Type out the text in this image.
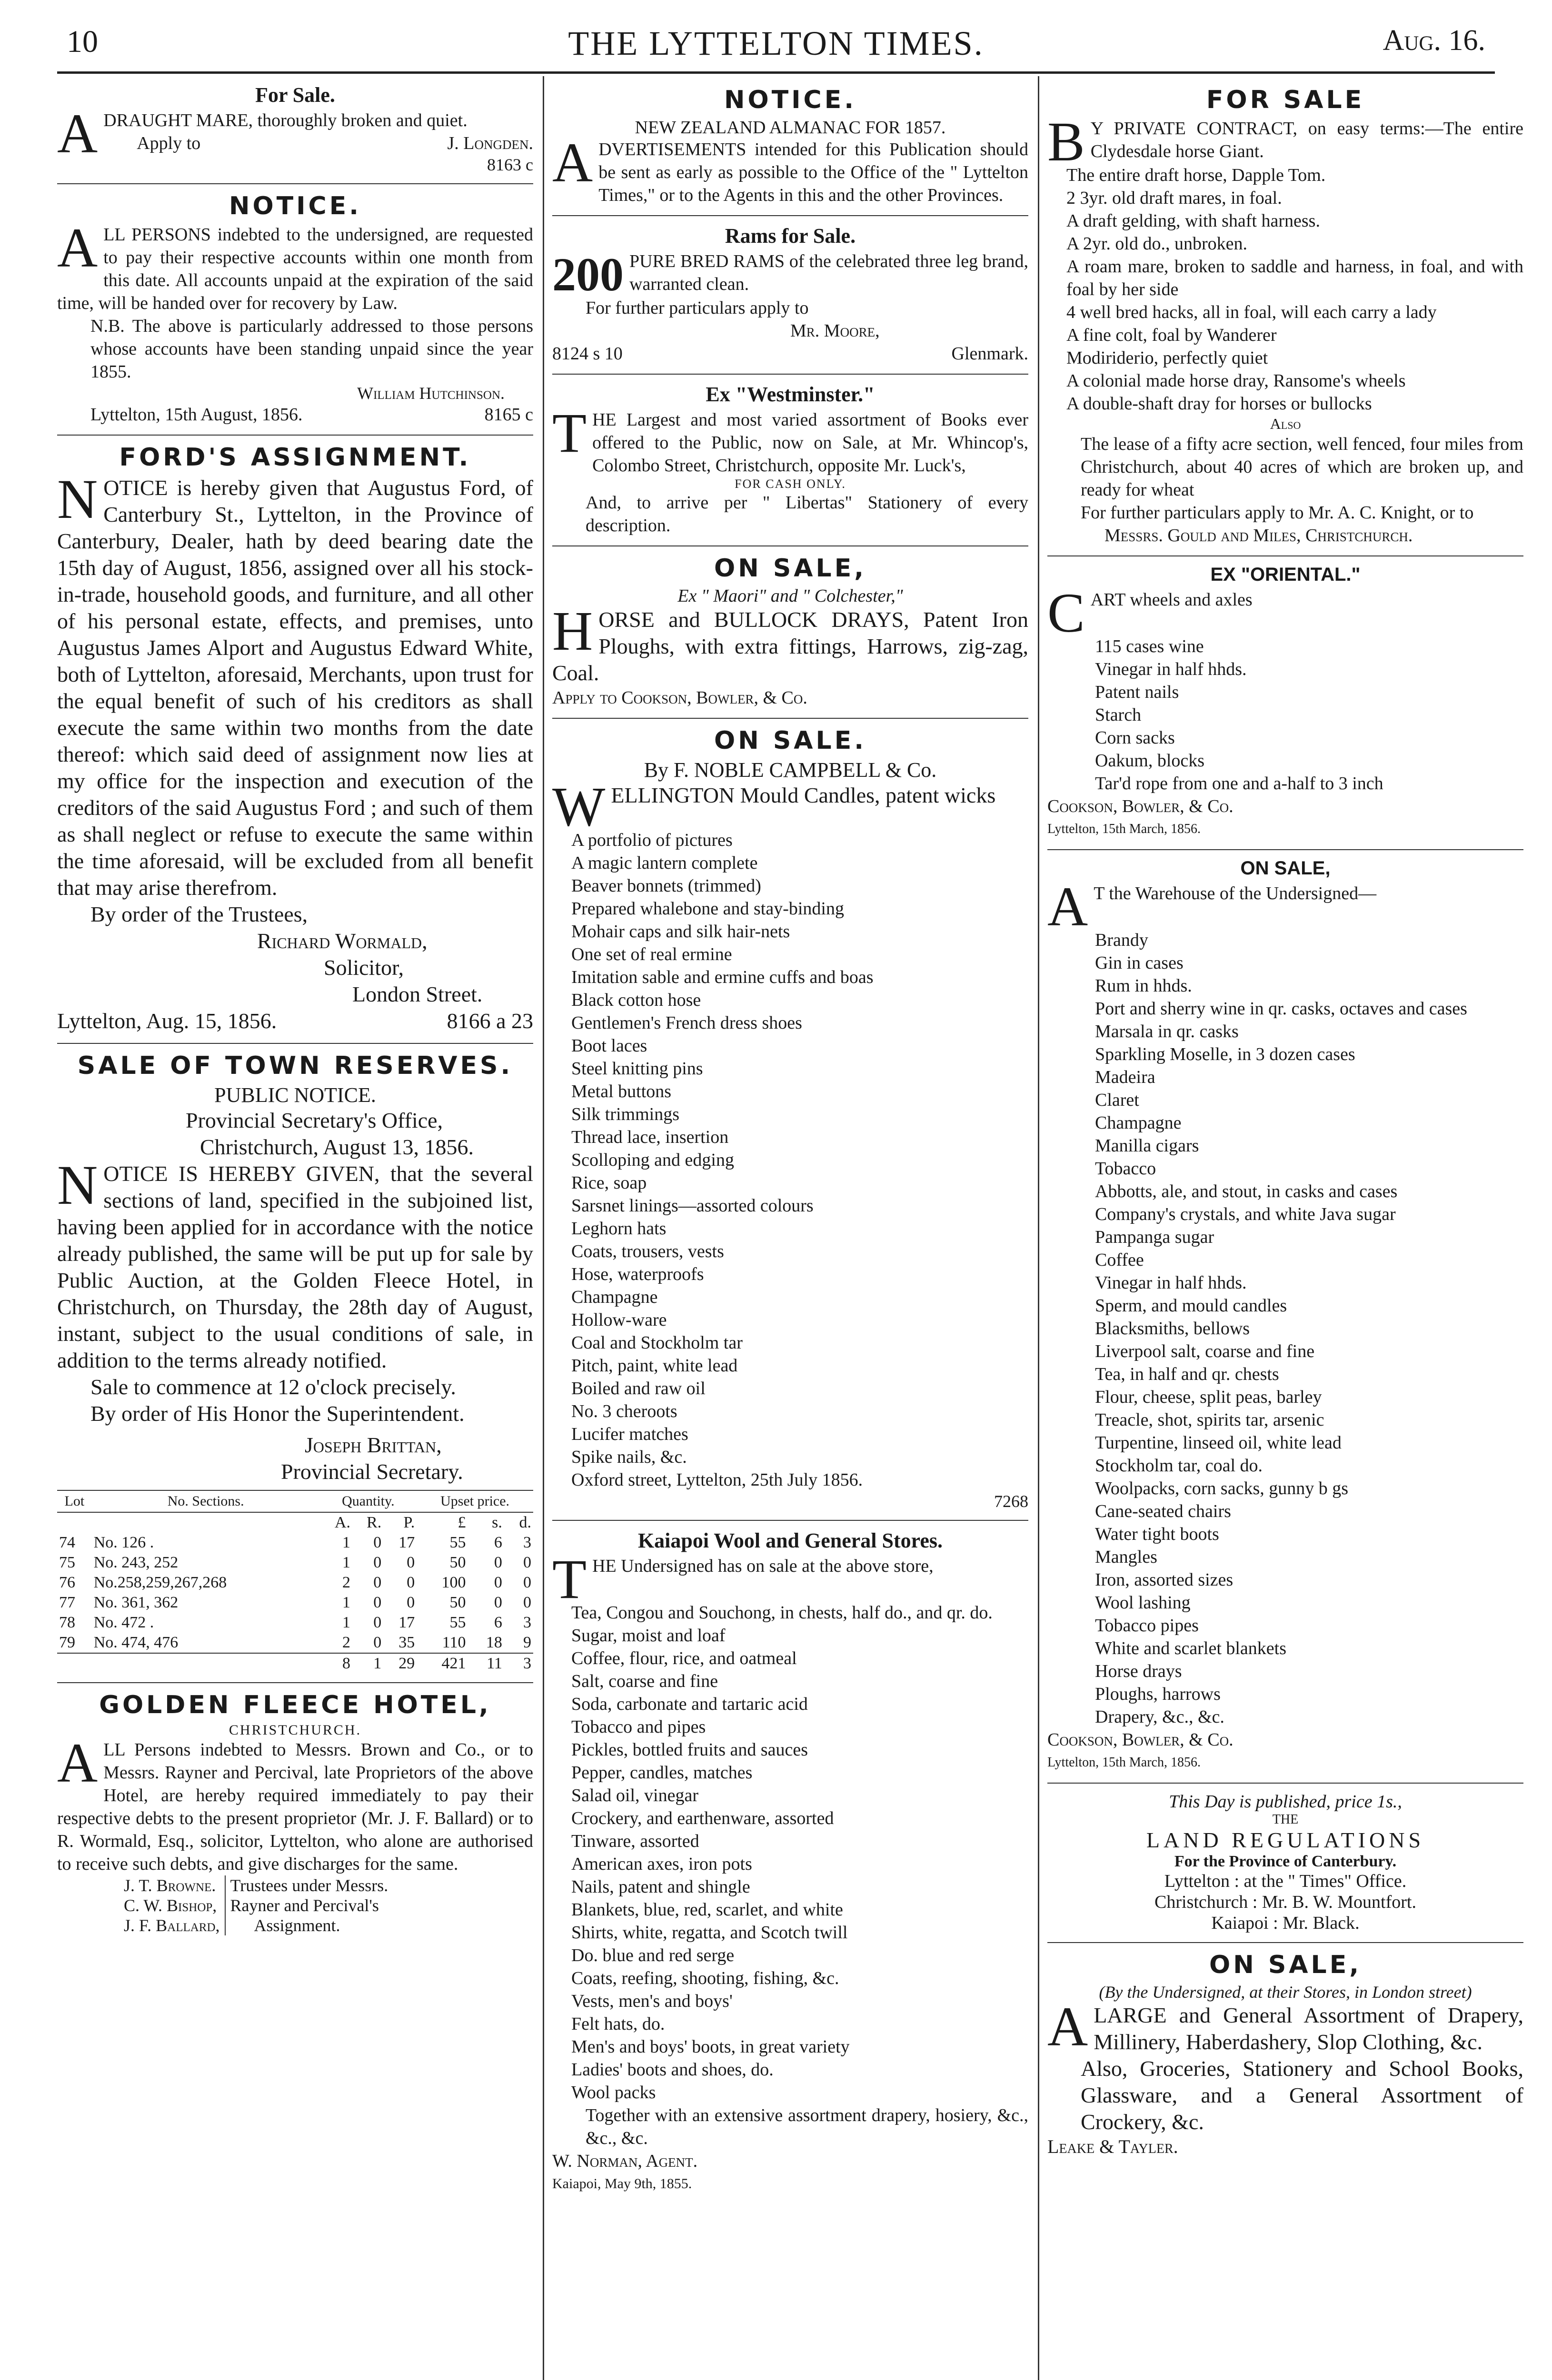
10	THE LYTTELTON TIMES.	Aug. 16.
For Sale.

ADRAUGHT MARE, thoroughly broken and quiet.

Apply to	J. Longden.
8163 c
NOTICE.

ALL PERSONS indebted to the undersigned, are requested to pay their respective accounts within one month from this date. All accounts unpaid at the expiration of the said time, will be handed over for recovery by Law.

N.B. The above is particularly addressed to those persons whose accounts have been standing unpaid since the year 1855.

William Hutchinson.
Lyttelton, 15th August, 1856.	8165 c
FORD'S ASSIGNMENT.

NOTICE is hereby given that Augustus Ford, of Canterbury St., Lyttelton, in the Province of Canterbury, Dealer, hath by deed bearing date the 15th day of August, 1856, assigned over all his stock-in-trade, household goods, and furniture, and all other of his personal estate, effects, and premises, unto Augustus James Alport and Augustus Edward White, both of Lyttelton, aforesaid, Merchants, upon trust for the equal benefit of such of his creditors as shall execute the same within two months from the date thereof: which said deed of assignment now lies at my office for the inspection and execution of the creditors of the said Augustus Ford ; and such of them as shall neglect or refuse to execute the same within the time aforesaid, will be excluded from all benefit that may arise therefrom.

By order of the Trustees,

Richard Wormald,

Solicitor,

London Street.

Lyttelton, Aug. 15, 1856.	8166 a 23
SALE OF TOWN RESERVES.
PUBLIC NOTICE.

Provincial Secretary's Office,

Christchurch, August 13, 1856.

NOTICE IS HEREBY GIVEN, that the several sections of land, specified in the subjoined list, having been applied for in accordance with the notice already published, the same will be put up for sale by Public Auction, at the Golden Fleece Hotel, in Christchurch, on Thursday, the 28th day of August, instant, subject to the usual conditions of sale, in addition to the terms already notified.

Sale to commence at 12 o'clock precisely.

By order of His Honor the Superintendent.

Joseph Brittan,

Provincial Secretary.

Lot	No. Sections.	Quantity.			Upset price.		
		A.	R.	P.	£	s.	d.
74	No. 126 .	1	0	17	55	6	3
75	No. 243, 252	1	0	0	50	0	0
76	No.258,259,267,268	2	0	0	100	0	0
77	No. 361, 362	1	0	0	50	0	0
78	No. 472 .	1	0	17	55	6	3
79	No. 474, 476	2	0	35	110	18	9
		8	1	29	421	11	3
GOLDEN FLEECE HOTEL,
CHRISTCHURCH.

ALL Persons indebted to Messrs. Brown and Co., or to Messrs. Rayner and Percival, late Proprietors of the above Hotel, are hereby required immediately to pay their respective debts to the present proprietor (Mr. J. F. Ballard) or to R. Wormald, Esq., solicitor, Lyttelton, who alone are authorised to receive such debts, and give discharges for the same.

J. T. Browne.
C. W. Bishop,
J. F. Ballard,
Trustees under Messrs.
Rayner and Percival's
Assignment.
NOTICE.
NEW ZEALAND ALMANAC FOR 1857.

ADVERTISEMENTS intended for this Publication should be sent as early as possible to the Office of the " Lyttelton Times," or to the Agents in this and the other Provinces.

Rams for Sale.

200 PURE BRED RAMS of the celebrated three leg brand, warranted clean.

For further particulars apply to

Mr. Moore,

8124 s 10	Glenmark.
Ex "Westminster."

THE Largest and most varied assortment of Books ever offered to the Public, now on Sale, at Mr. Whincop's, Colombo Street, Christchurch, opposite Mr. Luck's,

FOR CASH ONLY.

And, to arrive per " Libertas" Stationery of every description.

ON SALE,
Ex " Maori" and " Colchester,"

HORSE and BULLOCK DRAYS, Patent Iron Ploughs, with extra fittings, Harrows, zig-zag, Coal.

Apply to Cookson, Bowler, & Co.

ON SALE.
By F. NOBLE CAMPBELL & Co.

WELLINGTON Mould Candles, patent wicks

A portfolio of pictures

A magic lantern complete

Beaver bonnets (trimmed)

Prepared whalebone and stay-binding

Mohair caps and silk hair-nets

One set of real ermine

Imitation sable and ermine cuffs and boas

Black cotton hose

Gentlemen's French dress shoes

Boot laces

Steel knitting pins

Metal buttons

Silk trimmings

Thread lace, insertion

Scolloping and edging

Rice, soap

Sarsnet linings—assorted colours

Leghorn hats

Coats, trousers, vests

Hose, waterproofs

Champagne

Hollow-ware

Coal and Stockholm tar

Pitch, paint, white lead

Boiled and raw oil

No. 3 cheroots

Lucifer matches

Spike nails, &c.

Oxford street, Lyttelton, 25th July 1856.

7268
Kaiapoi Wool and General Stores.

THE Undersigned has on sale at the above store,

Tea, Congou and Souchong, in chests, half do., and qr. do.

Sugar, moist and loaf

Coffee, flour, rice, and oatmeal

Salt, coarse and fine

Soda, carbonate and tartaric acid

Tobacco and pipes

Pickles, bottled fruits and sauces

Pepper, candles, matches

Salad oil, vinegar

Crockery, and earthenware, assorted

Tinware, assorted

American axes, iron pots

Nails, patent and shingle

Blankets, blue, red, scarlet, and white

Shirts, white, regatta, and Scotch twill

Do. blue and red serge

Coats, reefing, shooting, fishing, &c.

Vests, men's and boys'

Felt hats, do.

Men's and boys' boots, in great variety

Ladies' boots and shoes, do.

Wool packs

Together with an extensive assortment drapery, hosiery, &c., &c., &c.

W. Norman, Agent.

Kaiapoi, May 9th, 1855.

FOR SALE

B Y PRIVATE CONTRACT, on easy terms:—The entire Clydesdale horse Giant.

The entire draft horse, Dapple Tom.

2 3yr. old draft mares, in foal.

A draft gelding, with shaft harness.

A 2yr. old do., unbroken.

A roam mare, broken to saddle and harness, in foal, and with foal by her side

4 well bred hacks, all in foal, will each carry a lady

A fine colt, foal by Wanderer

Modiriderio, perfectly quiet

A colonial made horse dray, Ransome's wheels

A double-shaft dray for horses or bullocks

Also

The lease of a fifty acre section, well fenced, four miles from Christchurch, about 40 acres of which are broken up, and ready for wheat

For further particulars apply to Mr. A. C. Knight, or to

Messrs. Gould and Miles, Christchurch.

EX "ORIENTAL."

CART wheels and axles

115 cases wine

Vinegar in half hhds.

Patent nails

Starch

Corn sacks

Oakum, blocks

Tar'd rope from one and a-half to 3 inch

Cookson, Bowler, & Co.

Lyttelton, 15th March, 1856.

ON SALE,

A T the Warehouse of the Undersigned—

Brandy

Gin in cases

Rum in hhds.

Port and sherry wine in qr. casks, octaves and cases

Marsala in qr. casks

Sparkling Moselle, in 3 dozen cases

Madeira

Claret

Champagne

Manilla cigars

Tobacco

Abbotts, ale, and stout, in casks and cases

Company's crystals, and white Java sugar

Pampanga sugar

Coffee

Vinegar in half hhds.

Sperm, and mould candles

Blacksmiths, bellows

Liverpool salt, coarse and fine

Tea, in half and qr. chests

Flour, cheese, split peas, barley

Treacle, shot, spirits tar, arsenic

Turpentine, linseed oil, white lead

Stockholm tar, coal do.

Woolpacks, corn sacks, gunny b gs

Cane-seated chairs

Water tight boots

Mangles

Iron, assorted sizes

Wool lashing

Tobacco pipes

White and scarlet blankets

Horse drays

Ploughs, harrows

Drapery, &c., &c.

Cookson, Bowler, & Co.

Lyttelton, 15th March, 1856.

This Day is published, price 1s.,
THE
LAND REGULATIONS
For the Province of Canterbury.
Lyttelton : at the " Times" Office.
Christchurch : Mr. B. W. Mountfort.
Kaiapoi : Mr. Black.
ON SALE,
(By the Undersigned, at their Stores, in London street)

ALARGE and General Assortment of Drapery, Millinery, Haberdashery, Slop Clothing, &c.

Also, Groceries, Stationery and School Books, Glassware, and a General Assortment of Crockery, &c.

Leake & Tayler.
